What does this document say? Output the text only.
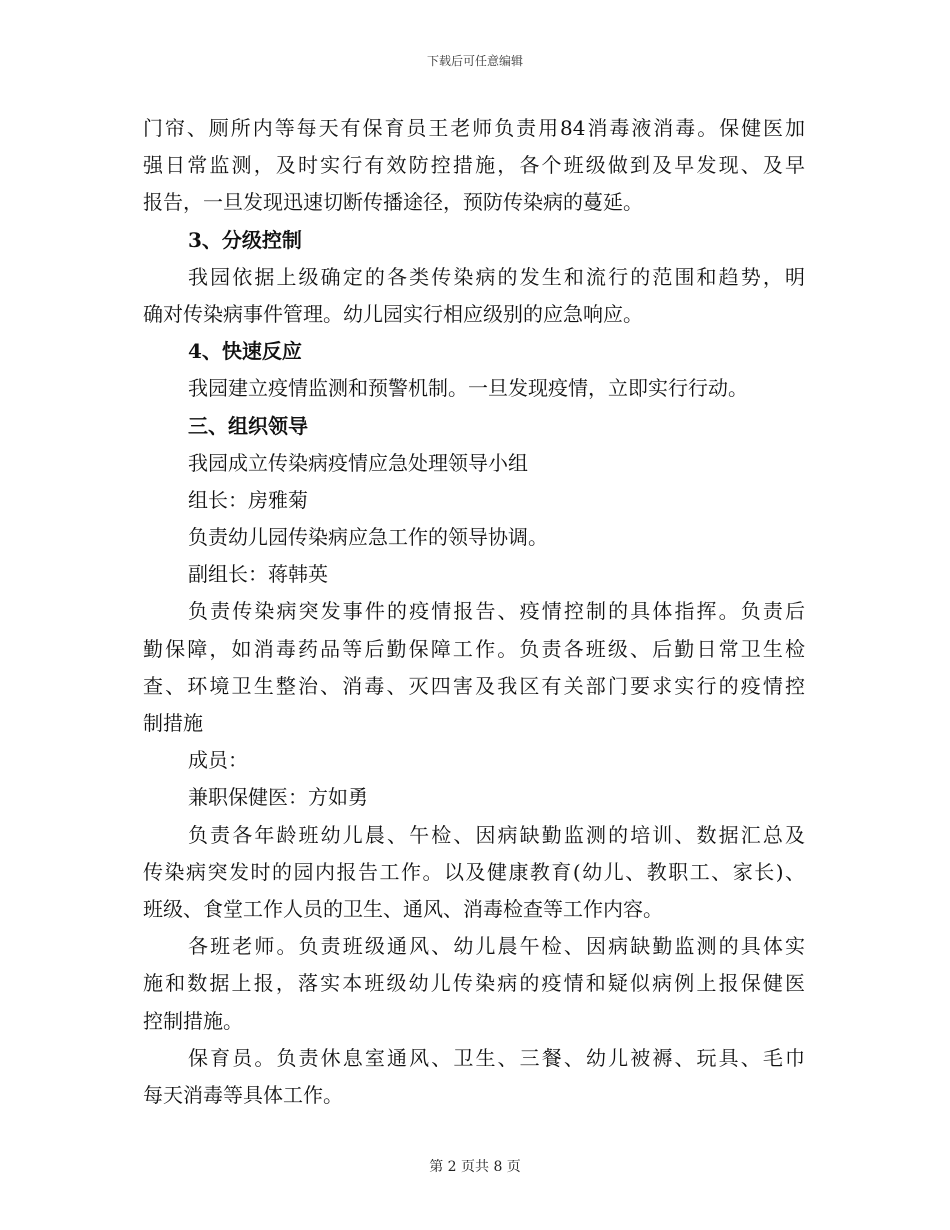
下载后可任意编辑
门帘、厕所内等每天有保育员王老师负责用84消毒液消毒。保健医加
强日常监测，及时实行有效防控措施，各个班级做到及早发现、及早
报告，一旦发现迅速切断传播途径，预防传染病的蔓延。
3、分级控制
我园依据上级确定的各类传染病的发生和流行的范围和趋势，明
确对传染病事件管理。幼儿园实行相应级别的应急响应。
4、快速反应
我园建立疫情监测和预警机制。一旦发现疫情，立即实行行动。
三、组织领导
我园成立传染病疫情应急处理领导小组
组长：房雅菊
负责幼儿园传染病应急工作的领导协调。
副组长：蒋韩英
负责传染病突发事件的疫情报告、疫情控制的具体指挥。负责后
勤保障，如消毒药品等后勤保障工作。负责各班级、后勤日常卫生检
查、环境卫生整治、消毒、灭四害及我区有关部门要求实行的疫情控
制措施
成员：
兼职保健医：方如勇
负责各年龄班幼儿晨、午检、因病缺勤监测的培训、数据汇总及
传染病突发时的园内报告工作。以及健康教育(幼儿、教职工、家长)、
班级、食堂工作人员的卫生、通风、消毒检查等工作内容。
各班老师。负责班级通风、幼儿晨午检、因病缺勤监测的具体实
施和数据上报，落实本班级幼儿传染病的疫情和疑似病例上报保健医
控制措施。
保育员。负责休息室通风、卫生、三餐、幼儿被褥、玩具、毛巾
每天消毒等具体工作。
第 2 页共 8 页
